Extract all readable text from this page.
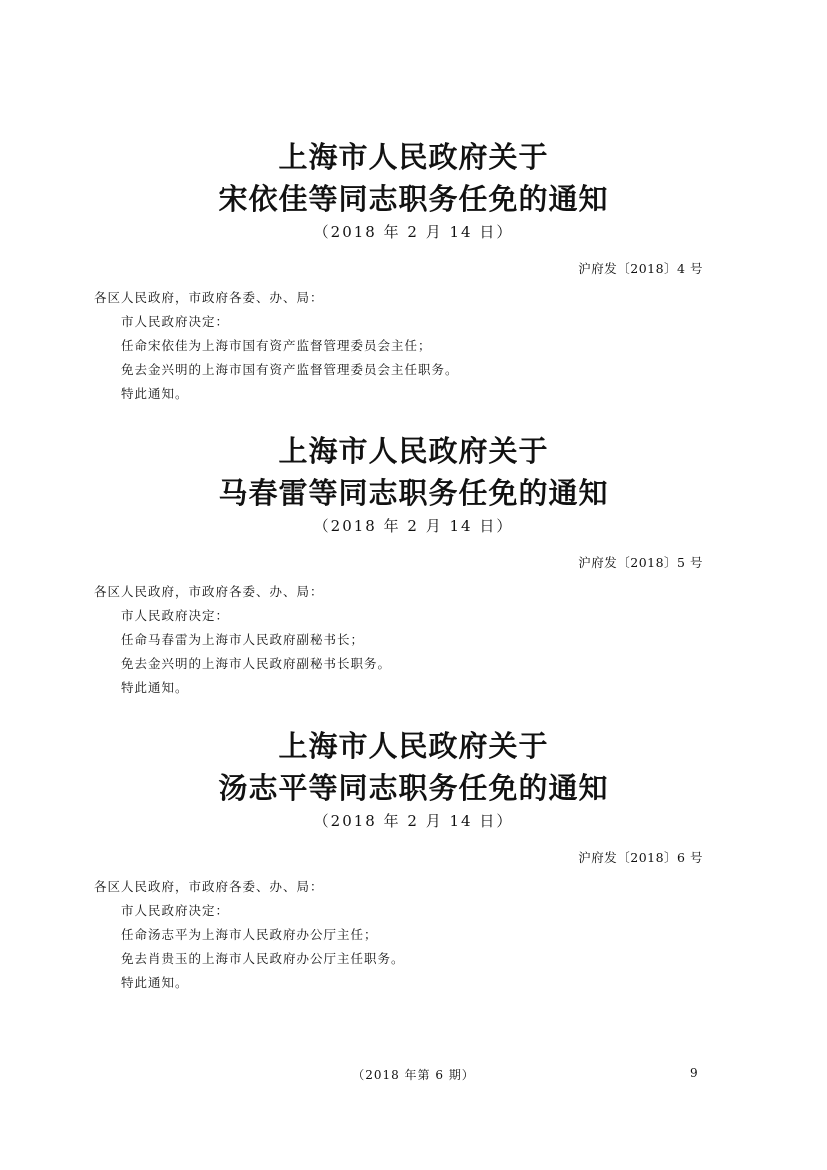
上海市人民政府关于
宋依佳等同志职务任免的通知
（2018 年 2 月 14 日）
沪府发〔2018〕4 号
各区人民政府，市政府各委、办、局：
市人民政府决定：
任命宋依佳为上海市国有资产监督管理委员会主任；
免去金兴明的上海市国有资产监督管理委员会主任职务。
特此通知。
上海市人民政府关于
马春雷等同志职务任免的通知
（2018 年 2 月 14 日）
沪府发〔2018〕5 号
各区人民政府，市政府各委、办、局：
市人民政府决定：
任命马春雷为上海市人民政府副秘书长；
免去金兴明的上海市人民政府副秘书长职务。
特此通知。
上海市人民政府关于
汤志平等同志职务任免的通知
（2018 年 2 月 14 日）
沪府发〔2018〕6 号
各区人民政府，市政府各委、办、局：
市人民政府决定：
任命汤志平为上海市人民政府办公厅主任；
免去肖贵玉的上海市人民政府办公厅主任职务。
特此通知。
（2018 年第 6 期）	9
